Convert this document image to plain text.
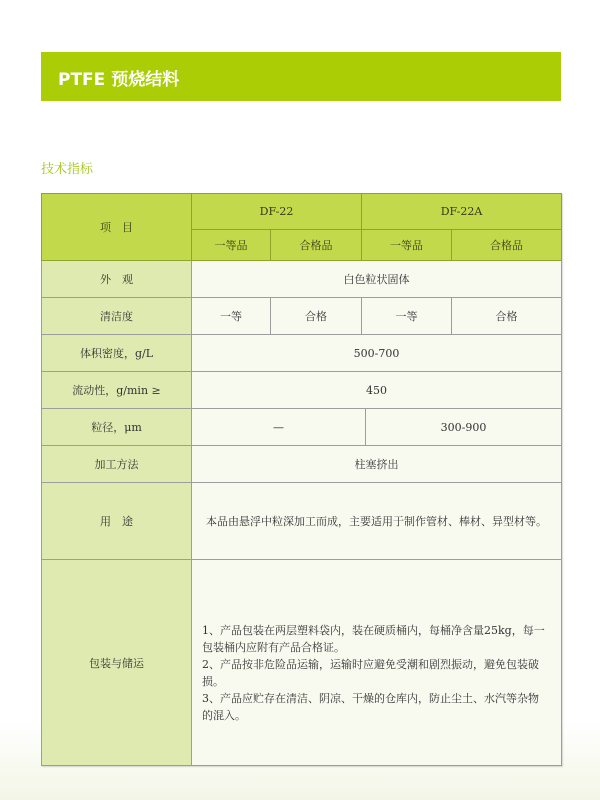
PTFE 预烧结料
技术指标
项　目	DF-22		DF-22A	
	一等品	合格品	一等品	合格品
外　观	白色粒状固体			
清洁度	一等	合格	一等	合格
体积密度，g/L	500-700			
流动性，g/min ≥	450			
粒径，μm	— 300-900			

加工方法	柱塞挤出			
用　途	本品由悬浮中粒深加工而成，主要适用于制作管材、棒材、异型材等。			
包装与储运	1、产品包装在两层塑料袋内，装在硬质桶内，每桶净含量25kg，每一包装桶内应附有产品合格证。

2、产品按非危险品运输，运输时应避免受潮和剧烈振动，避免包装破损。

3、产品应贮存在清洁、阴凉、干燥的仓库内，防止尘土、水汽等杂物的混入。			
